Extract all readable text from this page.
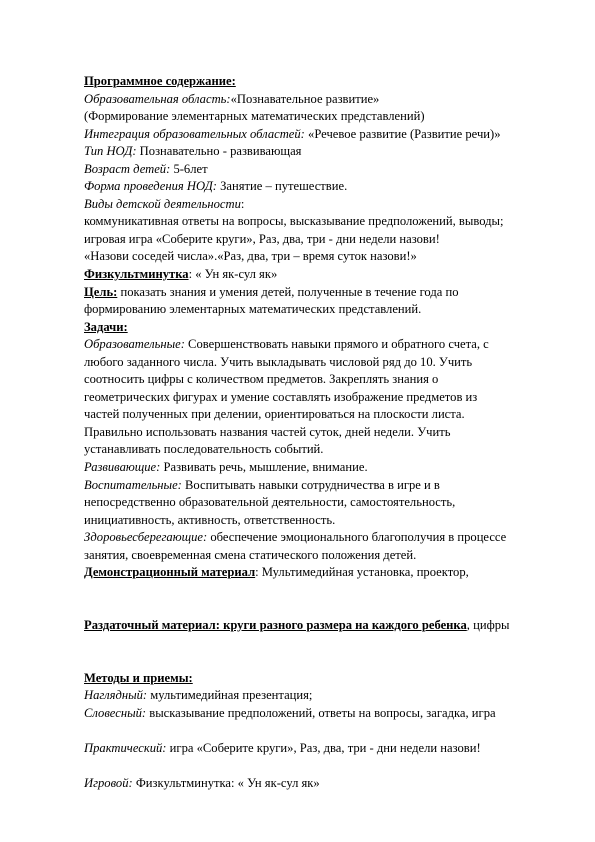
Программное содержание:
Образовательная область:«Познавательное развитие»
(Формирование элементарных математических представлений)
Интеграция образовательных областей: «Речевое развитие (Развитие речи)»
Тип НОД: Познавательно - развивающая
Возраст детей: 5-6лет
Форма проведения НОД: Занятие – путешествие.
Виды детской деятельности:
коммуникативная ответы на вопросы, высказывание предположений, выводы;
игровая игра «Соберите круги», Раз, два, три - дни недели назови!
«Назови соседей числа».«Раз, два, три – время суток назови!»
Физкультминутка: « Ун як-сул як»
Цель: показать знания и умения детей, полученные в течение года по
формированию элементарных математических представлений.
Задачи:
Образовательные: Совершенствовать навыки прямого и обратного счета, с
любого заданного числа. Учить выкладывать числовой ряд до 10. Учить
соотносить цифры с количеством предметов. Закреплять знания о
геометрических фигурах и умение составлять изображение предметов из
частей полученных при делении, ориентироваться на плоскости листа.
Правильно использовать названия частей суток, дней недели. Учить
устанавливать последовательность событий.
Развивающие: Развивать речь, мышление, внимание.
Воспитательные: Воспитывать навыки сотрудничества в игре и в
непосредственно образовательной деятельности, самостоятельность,
инициативность, активность, ответственность.
Здоровьесберегающие: обеспечение эмоционального благополучия в процессе
занятия, своевременная смена статического положения детей.
Демонстрационный материал: Мультимедийная установка, проектор,
Раздаточный материал: круги разного размера на каждого ребенка, цифры
Методы и приемы:
Наглядный: мультимедийная презентация;
Словесный: высказывание предположений, ответы на вопросы, загадка, игра
Практический: игра «Соберите круги», Раз, два, три - дни недели назови!
Игровой: Физкультминутка: « Ун як-сул як»
